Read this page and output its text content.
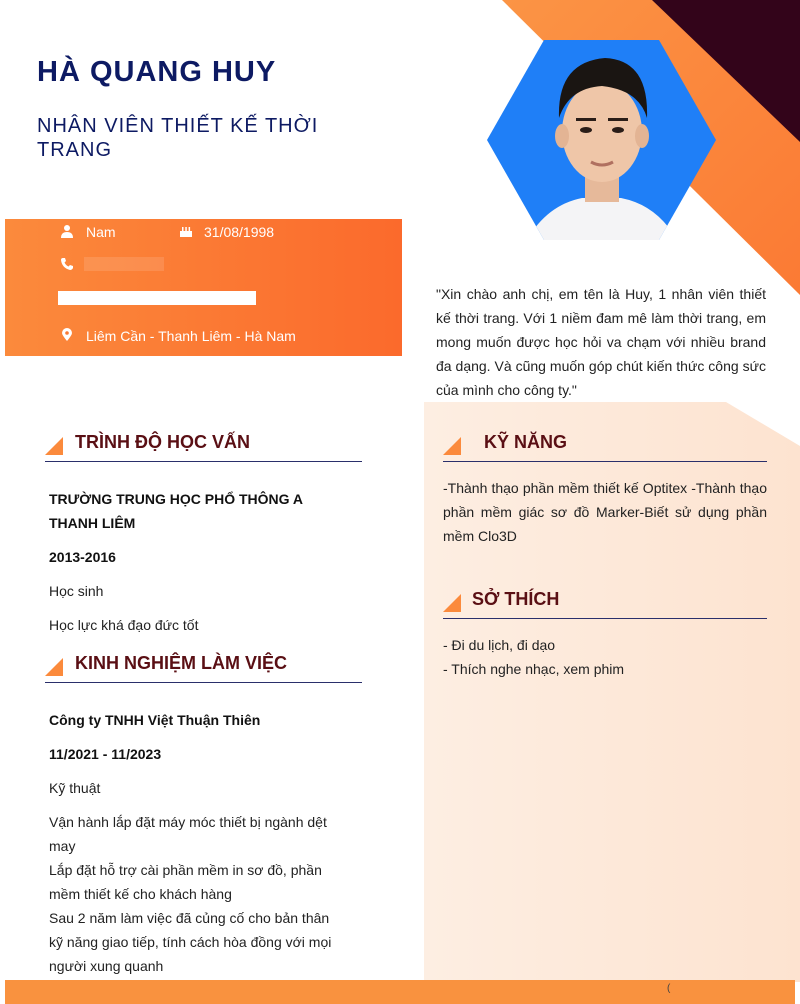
HÀ QUANG HUY
NHÂN VIÊN THIẾT KẾ THỜI TRANG
Nam	31/08/1998
Liêm Cần - Thanh Liêm - Hà Nam
"Xin chào anh chị, em tên là Huy, 1 nhân viên thiết kế thời trang. Với 1 niềm đam mê làm thời trang, em mong muốn được học hỏi va chạm với nhiều brand đa dạng. Và cũng muốn góp chút kiến thức công sức của mình cho công ty."
TRÌNH ĐỘ HỌC VẤN
TRƯỜNG TRUNG HỌC PHỔ THÔNG A THANH LIÊM
2013-2016
Học sinh
Học lực khá đạo đức tốt
KINH NGHIỆM LÀM VIỆC
Công ty TNHH Việt Thuận Thiên
11/2021 - 11/2023
Kỹ thuật
Vận hành lắp đặt máy móc thiết bị ngành dệt may
Lắp đặt hỗ trợ cài phần mềm in sơ đồ, phần mềm thiết kế cho khách hàng
Sau 2 năm làm việc đã củng cố cho bản thân kỹ năng giao tiếp, tính cách hòa đồng với mọi người xung quanh
KỸ NĂNG
-Thành thạo phần mềm thiết kế Optitex -Thành thạo phần mềm giác sơ đồ Marker-Biết sử dụng phần mềm Clo3D
SỞ THÍCH
- Đi du lịch, đi dạo
- Thích nghe nhạc, xem phim
(
